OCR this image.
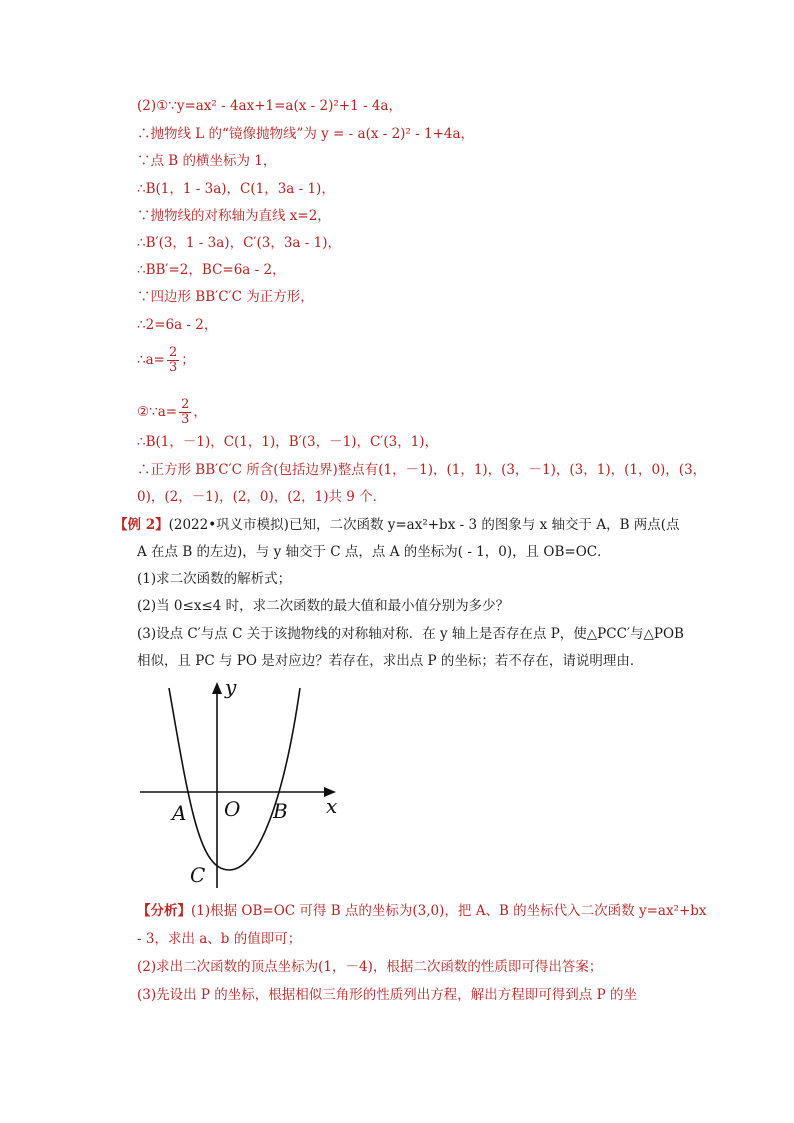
(2)①∵y=ax² - 4ax+1=a(x - 2)²+1 - 4a，
∴抛物线 L 的“镜像抛物线”为 y = - a(x - 2)² - 1+4a，
∵点 B 的横坐标为 1，
∴B(1，1 - 3a)，C(1，3a - 1)，
∵抛物线的对称轴为直线 x=2，
∴B′(3，1 - 3a)，C′(3，3a - 1)，
∴BB′=2，BC=6a - 2，
∵四边形 BB′C′C 为正方形，
∴2=6a - 2，
∴a= $\frac{2}{3}$ ；
②∵a= $\frac{2}{3}$ ，
∴B(1，－1)，C(1，1)，B′(3，－1)，C′(3，1)，
∴正方形 BB′C′C 所含(包括边界)整点有(1，－1)，(1，1)，(3，－1)，(3，1)，(1，0)，(3，
0)，(2，－1)，(2，0)，(2，1)共 9 个．
【例 2】(2022•巩义市模拟)已知，二次函数 y=ax²+bx - 3 的图象与 x 轴交于 A，B 两点(点
A 在点 B 的左边)，与 y 轴交于 C 点，点 A 的坐标为( - 1，0)，且 OB=OC．
(1)求二次函数的解析式；
(2)当 0≤x≤4 时，求二次函数的最大值和最小值分别为多少？
(3)设点 C′与点 C 关于该抛物线的对称轴对称．在 y 轴上是否存在点 P，使△PCC′与△POB
相似，且 PC 与 PO 是对应边？若存在，求出点 P 的坐标；若不存在，请说明理由．
y
x
A O B
C
【分析】(1)根据 OB=OC 可得 B 点的坐标为(3,0)，把 A、B 的坐标代入二次函数 y=ax²+bx
- 3，求出 a、b 的值即可；
(2)求出二次函数的顶点坐标为(1，－4)，根据二次函数的性质即可得出答案；
(3)先设出 P 的坐标，根据相似三角形的性质列出方程，解出方程即可得到点 P 的坐
